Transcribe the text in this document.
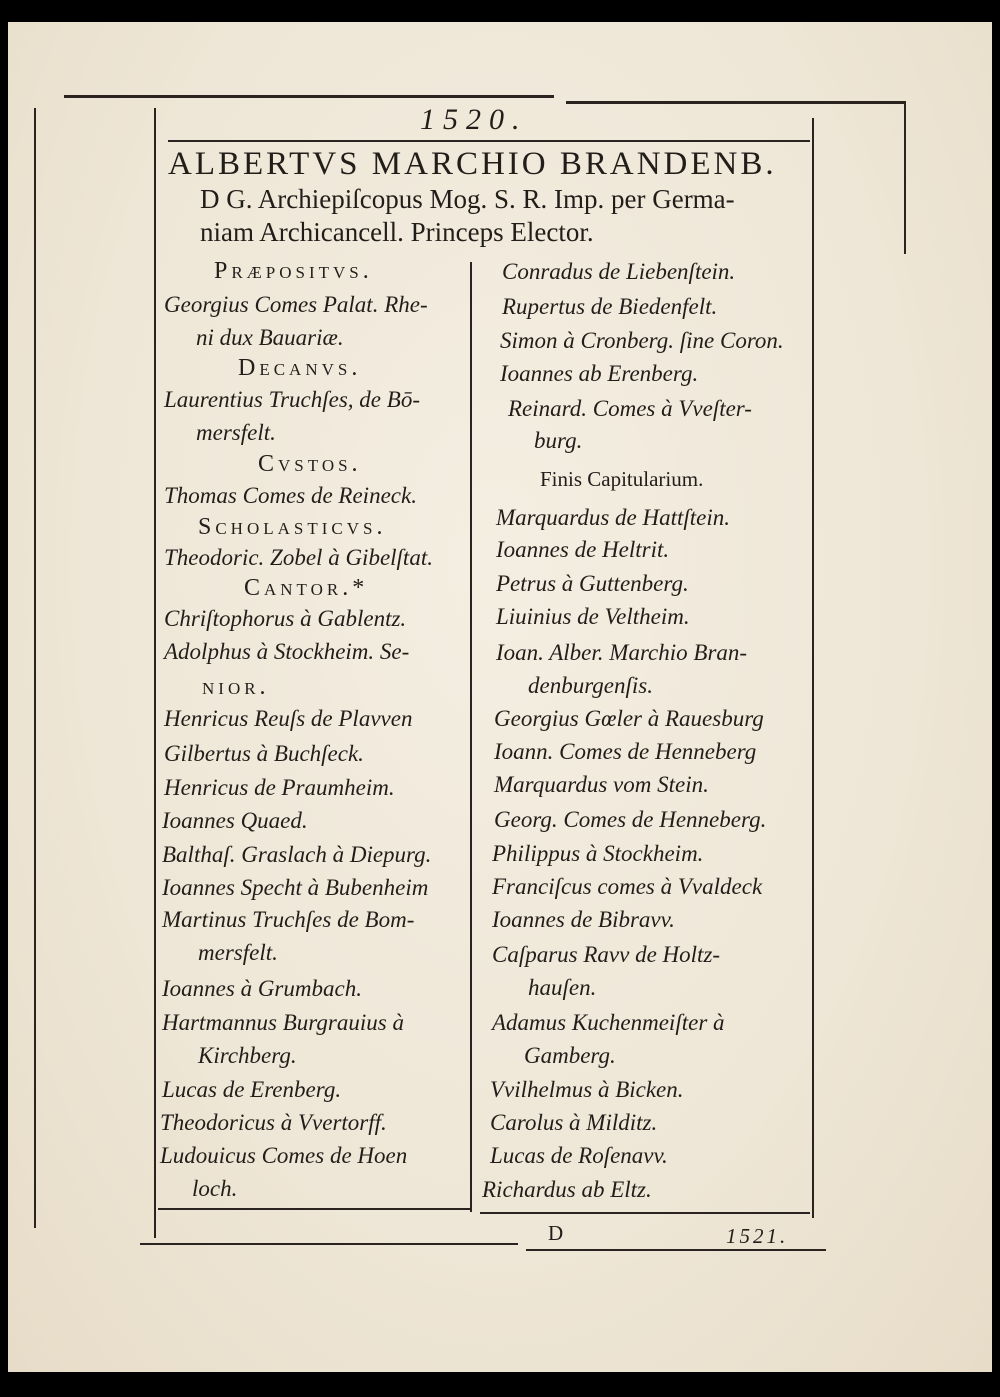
1520.
ALBERTVS MARCHIO BRANDENB.
D G. Archiepiſcopus Mog. S. R. Imp. per Germa-
niam Archicancell. Princeps Elector.
Præpositvs.
Georgius Comes Palat. Rhe-
ni dux Bauariæ.
Decanvs.
Laurentius Truchſes, de Bō-
mersfelt.
Cvstos.
Thomas Comes de Reineck.
Scholasticvs.
Theodoric. Zobel à Gibelſtat.
Cantor.*
Chriſtophorus à Gablentz.
Adolphus à Stockheim. Se-
nior.
Henricus Reuſs de Plavven
Gilbertus à Buchſeck.
Henricus de Praumheim.
Ioannes Quaed.
Balthaſ. Graslach à Diepurg.
Ioannes Specht à Bubenheim
Martinus Truchſes de Bom-
mersfelt.
Ioannes à Grumbach.
Hartmannus Burgrauius à
Kirchberg.
Lucas de Erenberg.
Theodoricus à Vvertorff.
Ludouicus Comes de Hoen
loch.
Conradus de Liebenſtein.
Rupertus de Biedenfelt.
Simon à Cronberg. ſine Coron.
Ioannes ab Erenberg.
Reinard. Comes à Vveſter-
burg.
Finis Capitularium.
Marquardus de Hattſtein.
Ioannes de Heltrit.
Petrus à Guttenberg.
Liuinius de Veltheim.
Ioan. Alber. Marchio Bran-
denburgenſis.
Georgius Gœler à Rauesburg
Ioann. Comes de Henneberg
Marquardus vom Stein.
Georg. Comes de Henneberg.
Philippus à Stockheim.
Franciſcus comes à Vvaldeck
Ioannes de Bibravv.
Caſparus Ravv de Holtz-
hauſen.
Adamus Kuchenmeiſter à
Gamberg.
Vvilhelmus à Bicken.
Carolus à Milditz.
Lucas de Roſenavv.
Richardus ab Eltz.
D	1521.
